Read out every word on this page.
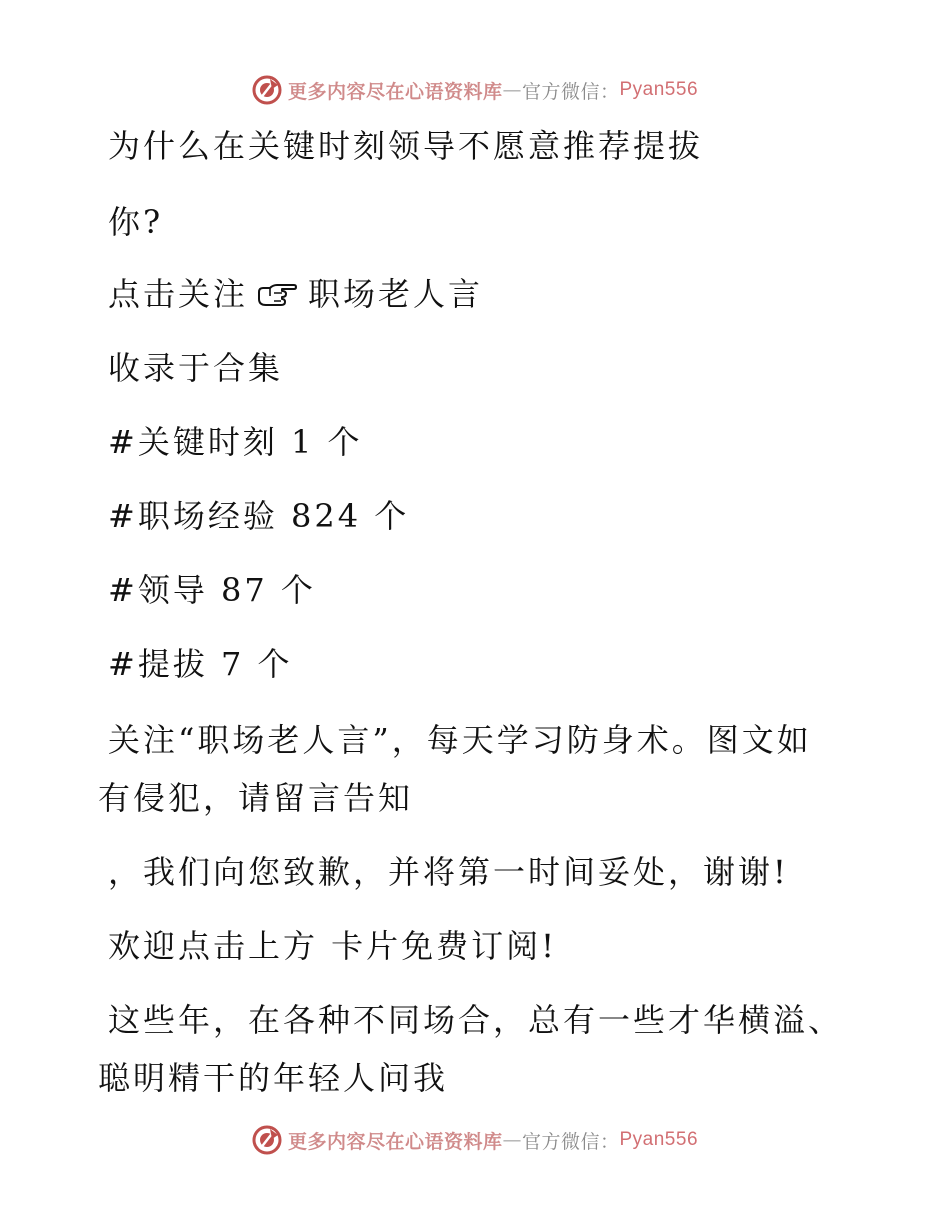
更多内容尽在心语资料库 — 官方微信： Pyan556
为什么在关键时刻领导不愿意推荐提拔
你?
点击关注 职场老人言
收录于合集
#关键时刻 1 个
#职场经验 824 个
#领导 87 个
#提拔 7 个
关注“职场老人言”，每天学习防身术。图文如
有侵犯，请留言告知
，我们向您致歉，并将第一时间妥处，谢谢!
欢迎点击上方 卡片免费订阅!
这些年，在各种不同场合，总有一些才华横溢、
聪明精干的年轻人问我
更多内容尽在心语资料库 — 官方微信： Pyan556
